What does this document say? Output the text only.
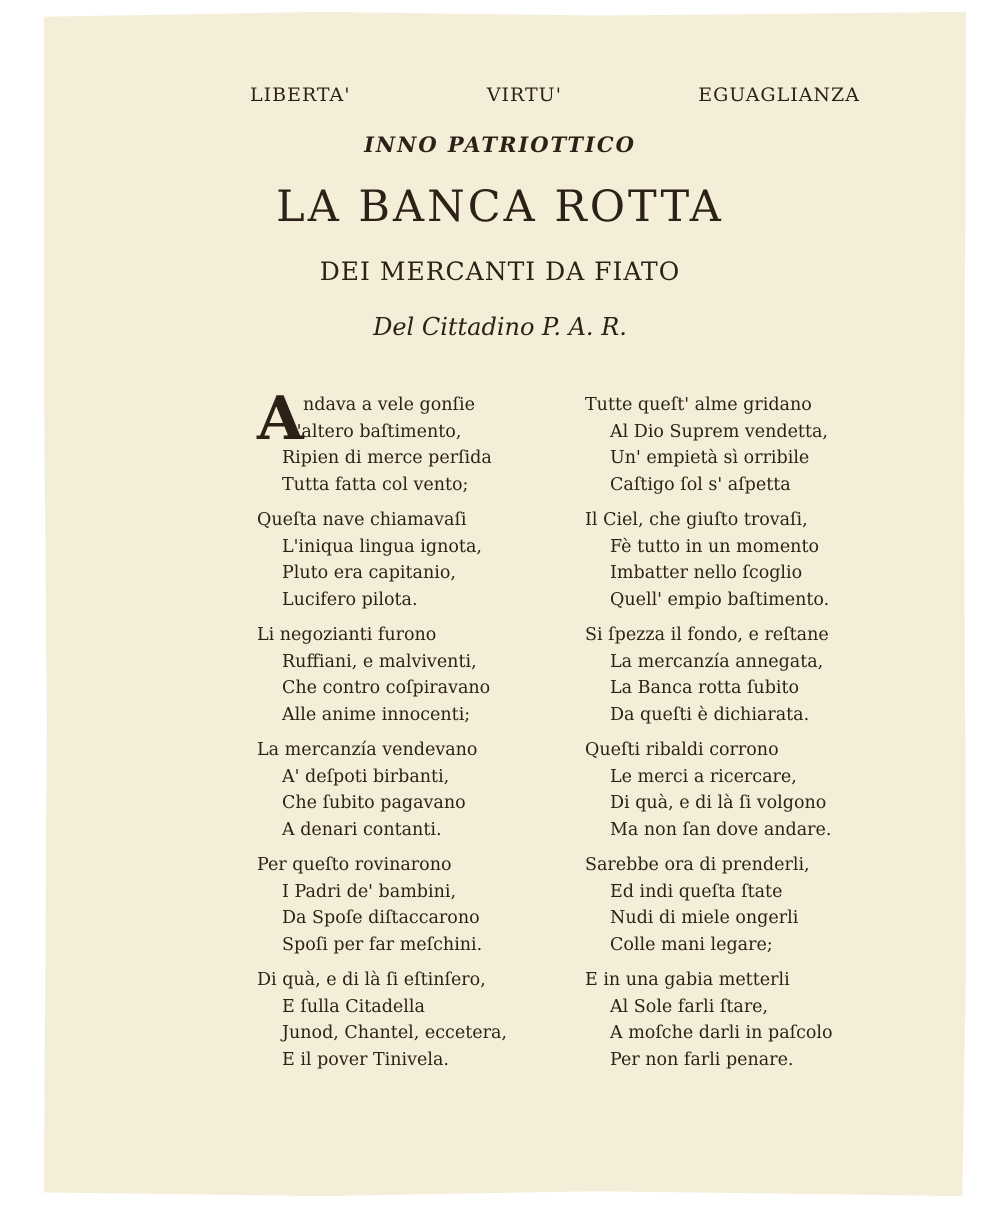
LIBERTA'	VIRTU'	EGUAGLIANZA
INNO PATRIOTTICO
LA BANCA ROTTA
DEI MERCANTI DA FIATO
Del Cittadino P. A. R.
A ndava a vele gonſie
L'altero baſtimento,
Ripien di merce perſida
Tutta fatta col vento;
Queſta nave chiamavaſi
L'iniqua lingua ignota,
Pluto era capitanio,
Lucifero pilota.
Li negozianti furono
Ruffiani, e malviventi,
Che contro coſpiravano
Alle anime innocenti;
La mercanzía vendevano
A' deſpoti birbanti,
Che ſubito pagavano
A denari contanti.
Per queſto rovinarono
I Padri de' bambini,
Da Spoſe diſtaccarono
Spoſi per far meſchini.
Di quà, e di là ſi eſtinſero,
E ſulla Citadella
Junod, Chantel, eccetera,
E il pover Tinivela.
Tutte queſt' alme gridano
Al Dio Suprem vendetta,
Un' empietà sì orribile
Caſtigo ſol s' aſpetta
Il Ciel, che giuſto trovaſi,
Fè tutto in un momento
Imbatter nello ſcoglio
Quell' empio baſtimento.
Si ſpezza il fondo, e reſtane
La mercanzía annegata,
La Banca rotta ſubito
Da queſti è dichiarata.
Queſti ribaldi corrono
Le merci a ricercare,
Di quà, e di là ſi volgono
Ma non ſan dove andare.
Sarebbe ora di prenderli,
Ed indi queſta ſtate
Nudi di miele ongerli
Colle mani legare;
E in una gabia metterli
Al Sole farli ſtare,
A moſche darli in paſcolo
Per non farli penare.
